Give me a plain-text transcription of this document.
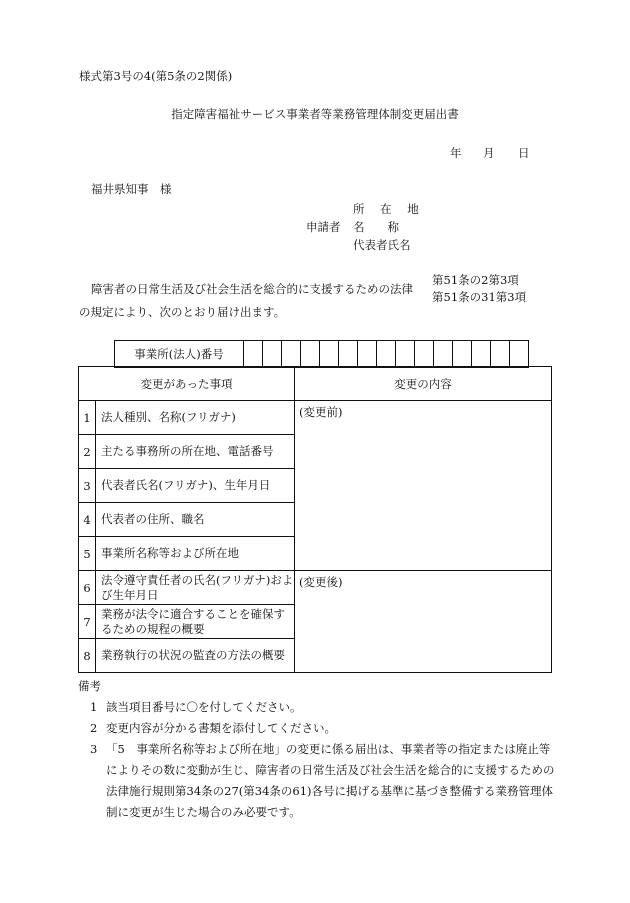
様式第3号の4(第5条の2関係)
指定障害福祉サービス事業者等業務管理体制変更届出書
年 月 日
福井県知事　様
所 在 地
申請者 名　　称
代表者氏名
障害者の日常生活及び社会生活を総合的に支援するための法律
第51条の2第3項
第51条の31第3項
の規定により、次のとおり届け出ます。
事業所(法人)番号															
変更があった事項		変更の内容
1	法人種別、名称(フリガナ)	(変更前)
2	主たる事務所の所在地、電話番号	
3	代表者氏名(フリガナ)、生年月日	
4	代表者の住所、職名	
5	事業所名称等および所在地	
6	法令遵守責任者の氏名(フリガナ)および生年月日	(変更後)
7	業務が法令に適合することを確保するための規程の概要	
8	業務執行の状況の監査の方法の概要	
備考
1 該当項目番号に〇を付してください。
2 変更内容が分かる書類を添付してください。
3 「5　事業所名称等および所在地」の変更に係る届出は、事業者等の指定または廃止等によりその数に変動が生じ、障害者の日常生活及び社会生活を総合的に支援するための法律施行規則第34条の27(第34条の61)各号に掲げる基準に基づき整備する業務管理体制に変更が生じた場合のみ必要です。
